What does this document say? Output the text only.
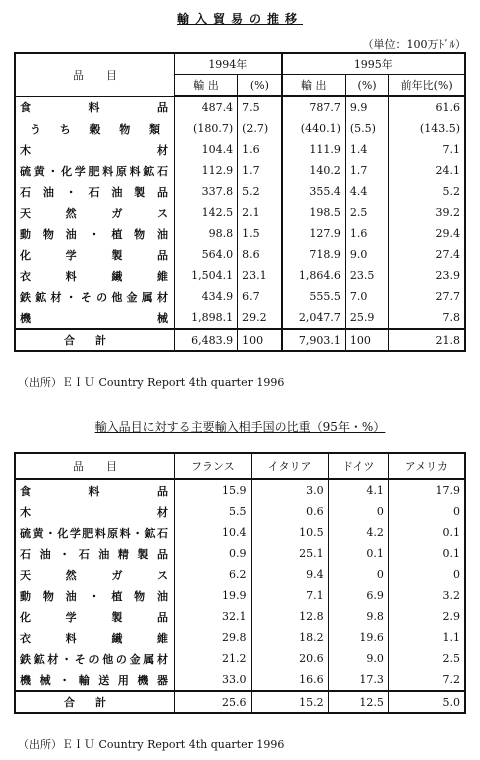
輸入貿易の推移
（単位：100万ﾄﾞﾙ）
品　　目	1994年		1995年		
	輸 出	(%)	輸 出	(%)	前年比(%)
食料品	487.4	7.5	787.7	9.9	61.6
うち穀物類	(180.7)	(2.7)	(440.1)	(5.5)	(143.5)
木材	104.4	1.6	111.9	1.4	7.1
硫黄・化学肥料原料鉱石	112.9	1.7	140.2	1.7	24.1
石油・石油製品	337.8	5.2	355.4	4.4	5.2
天然ガス	142.5	2.1	198.5	2.5	39.2
動物油・植物油	98.8	1.5	127.9	1.6	29.4
化学製品	564.0	8.6	718.9	9.0	27.4
衣料繊維	1,504.1	23.1	1,864.6	23.5	23.9
鉄鉱材・その他金属材	434.9	6.7	555.5	7.0	27.7
機械	1,898.1	29.2	2,047.7	25.9	7.8
合計	6,483.9	100	7,903.1	100	21.8
（出所）ＥＩＵ Country Report 4th quarter 1996
輸入品目に対する主要輸入相手国の比重（95年・%）
品　　目	フランス	イタリア	ドイツ	アメリカ
食料品	15.9	3.0	4.1	17.9
木材	5.5	0.6	0	0
硫黄・化学肥料原料・鉱石	10.4	10.5	4.2	0.1
石油・石油精製品	0.9	25.1	0.1	0.1
天然ガス	6.2	9.4	0	0
動物油・植物油	19.9	7.1	6.9	3.2
化学製品	32.1	12.8	9.8	2.9
衣料繊維	29.8	18.2	19.6	1.1
鉄鉱材・その他の金属材	21.2	20.6	9.0	2.5
機械・輸送用機器	33.0	16.6	17.3	7.2
合計	25.6	15.2	12.5	5.0
（出所）ＥＩＵ Country Report 4th quarter 1996
